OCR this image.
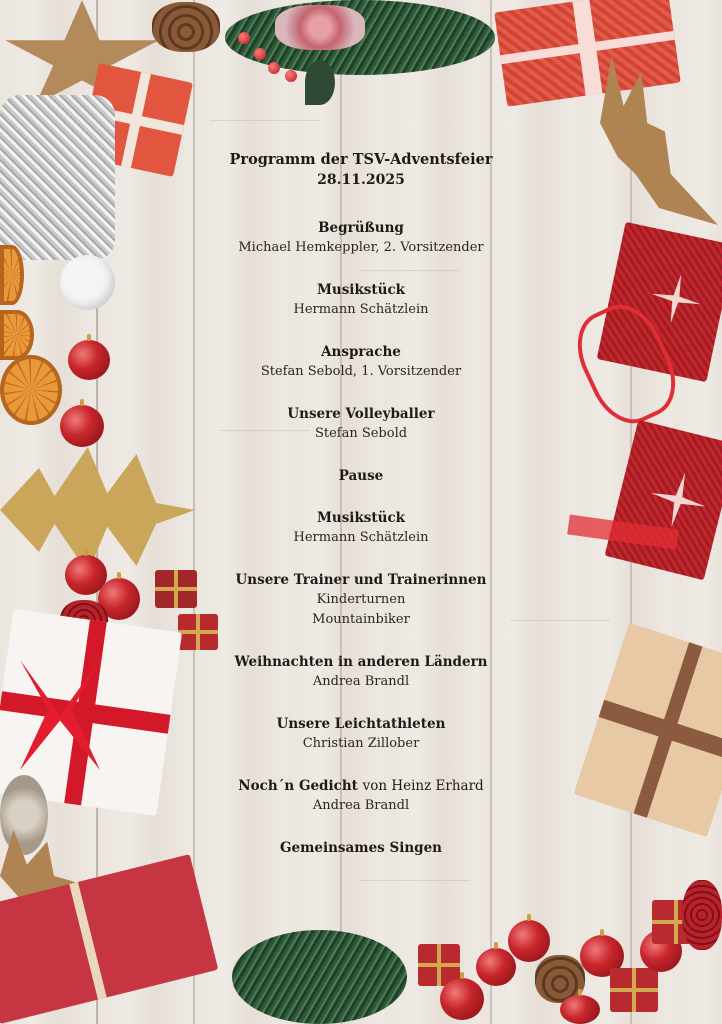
Programm der TSV-Adventsfeier
28.11.2025
Begrüßung
Michael Hemkeppler, 2. Vorsitzender
Musikstück
Hermann Schätzlein
Ansprache
Stefan Sebold, 1. Vorsitzender
Unsere Volleyballer
Stefan Sebold
Pause
Musikstück
Hermann Schätzlein
Unsere Trainer und Trainerinnen
Kinderturnen
Mountainbiker
Weihnachten in anderen Ländern
Andrea Brandl
Unsere Leichtathleten
Christian Zillober
Noch´n Gedicht von Heinz Erhard
Andrea Brandl
Gemeinsames Singen
